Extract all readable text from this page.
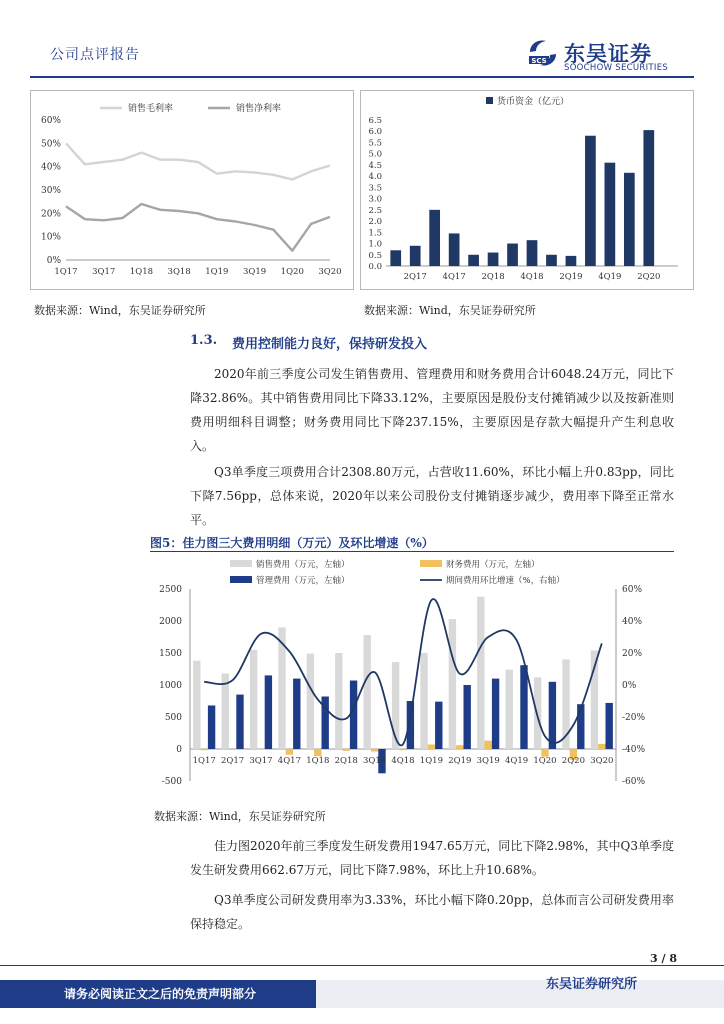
公司点评报告	SCS 东吴证券
SOOCHOW SECURITIES
0%
10%
20%
30%
40%
50%
60%
1Q17 3Q17 1Q18 3Q18 1Q19 3Q19 1Q20 3Q20
销售毛利率	销售净利率
0.0
0.5
1.0
1.5
2.0
2.5
3.0
3.5
4.0
4.5
5.0
5.5
6.0
6.5
2Q17 4Q17 2Q18 4Q18 2Q19 4Q19 2Q20
货币资金（亿元）
数据来源：Wind，东吴证券研究所	数据来源：Wind，东吴证券研究所
1.3. 费用控制能力良好，保持研发投入
2020年前三季度公司发生销售费用、管理费用和财务费用合计6048.24万元，同比下降32.86%。其中销售费用同比下降33.12%，主要原因是股份支付摊销减少以及按新准则费用明细科目调整；财务费用同比下降237.15%，主要原因是存款大幅提升产生利息收入。
Q3单季度三项费用合计2308.80万元，占营收11.60%，环比小幅上升0.83pp，同比下降7.56pp，总体来说，2020年以来公司股份支付摊销逐步减少，费用率下降至正常水平。
图5：佳力图三大费用明细（万元）及环比增速（%）
-500
0
500
1000
1500
2000
2500
-60%
-40%
-20%
0%
20%
40%
60%
1Q17 2Q17 3Q17 4Q17 1Q18 2Q18 3Q18 4Q18 1Q19 2Q19 3Q19 4Q19 1Q20 2Q20 3Q20
销售费用（万元，左轴）	财务费用（万元，左轴）
管理费用（万元，左轴）	期间费用环比增速（%，右轴）
数据来源：Wind，东吴证券研究所
佳力图2020年前三季度发生研发费用1947.65万元，同比下降2.98%，其中Q3单季度发生研发费用662.67万元，同比下降7.98%，环比上升10.68%。
Q3单季度公司研发费用率为3.33%，环比小幅下降0.20pp，总体而言公司研发费用率保持稳定。
3 / 8
请务必阅读正文之后的免责声明部分
东吴证券研究所
